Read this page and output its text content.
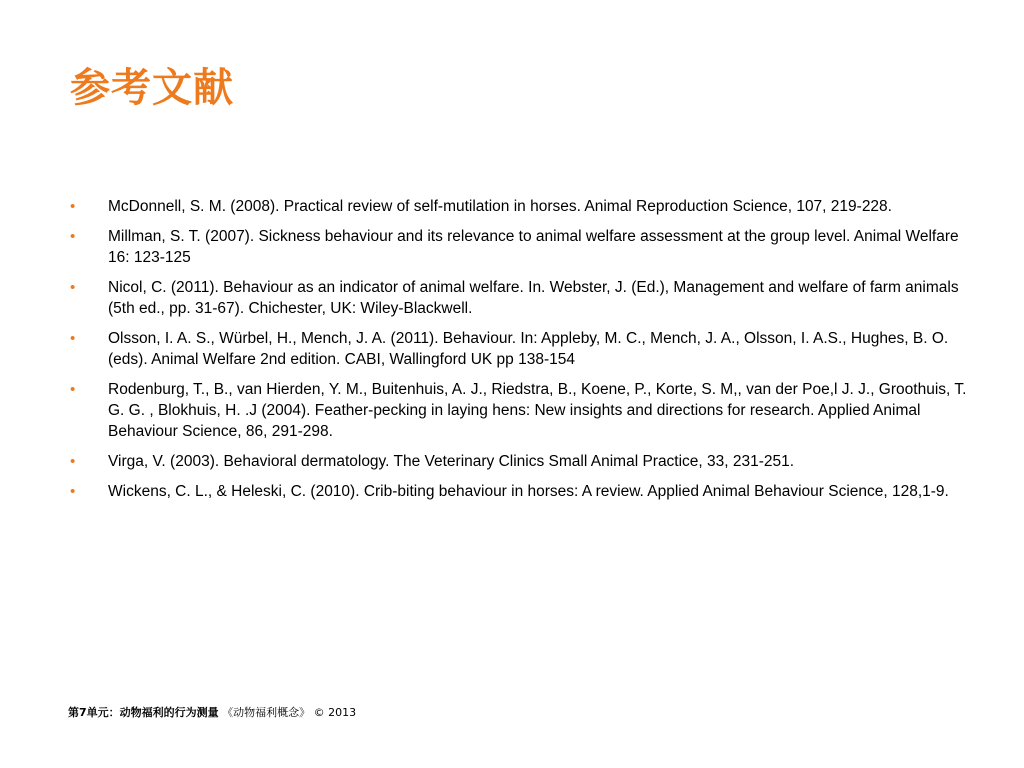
参考文献
• McDonnell, S. M. (2008). Practical review of self-mutilation in horses. Animal Reproduction Science, 107, 219-228.
• Millman, S. T. (2007). Sickness behaviour and its relevance to animal welfare assessment at the group level. Animal Welfare 16: 123-125
• Nicol, C. (2011). Behaviour as an indicator of animal welfare. In. Webster, J. (Ed.), Management and welfare of farm animals (5th ed., pp. 31-67). Chichester, UK: Wiley-Blackwell.
• Olsson, I. A. S., Würbel, H., Mench, J. A. (2011). Behaviour. In: Appleby, M. C., Mench, J. A., Olsson, I. A.S., Hughes, B. O. (eds). Animal Welfare 2nd edition. CABI, Wallingford UK pp 138-154
• Rodenburg, T., B., van Hierden, Y. M., Buitenhuis, A. J., Riedstra, B., Koene, P., Korte, S. M,, van der Poe,l J. J., Groothuis, T. G. G. , Blokhuis, H. .J (2004). Feather-pecking in laying hens: New insights and directions for research. Applied Animal Behaviour Science, 86, 291-298.
• Virga, V. (2003). Behavioral dermatology. The Veterinary Clinics Small Animal Practice, 33, 231-251.
• Wickens, C. L., & Heleski, C. (2010). Crib-biting behaviour in horses: A review. Applied Animal Behaviour Science, 128,1-9.
第7单元：动物福利的行为测量 《动物福利概念》 © 2013
